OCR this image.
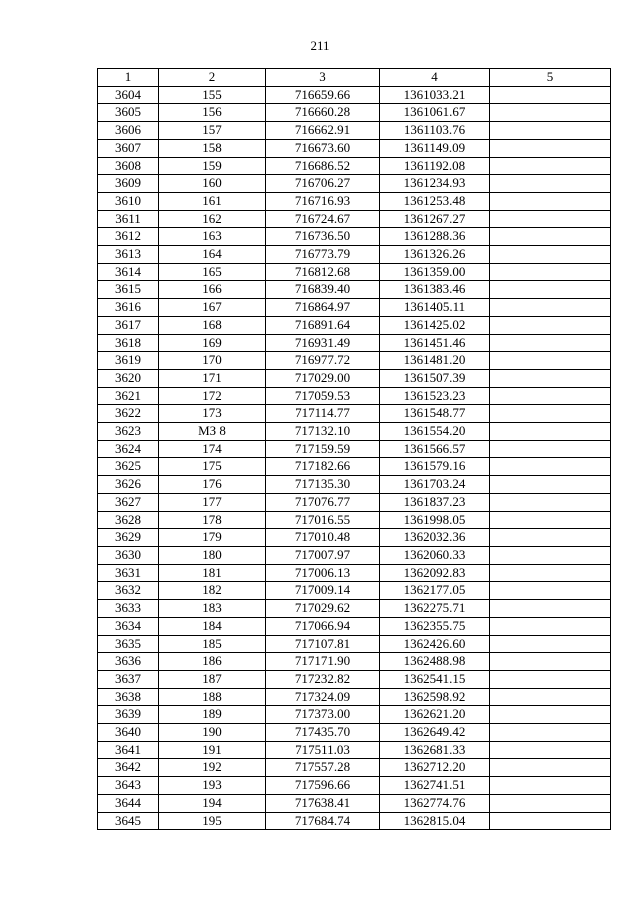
211
1	2	3	4	5
3604	155	716659.66	1361033.21	
3605	156	716660.28	1361061.67	
3606	157	716662.91	1361103.76	
3607	158	716673.60	1361149.09	
3608	159	716686.52	1361192.08	
3609	160	716706.27	1361234.93	
3610	161	716716.93	1361253.48	
3611	162	716724.67	1361267.27	
3612	163	716736.50	1361288.36	
3613	164	716773.79	1361326.26	
3614	165	716812.68	1361359.00	
3615	166	716839.40	1361383.46	
3616	167	716864.97	1361405.11	
3617	168	716891.64	1361425.02	
3618	169	716931.49	1361451.46	
3619	170	716977.72	1361481.20	
3620	171	717029.00	1361507.39	
3621	172	717059.53	1361523.23	
3622	173	717114.77	1361548.77	
3623	МЗ 8	717132.10	1361554.20	
3624	174	717159.59	1361566.57	
3625	175	717182.66	1361579.16	
3626	176	717135.30	1361703.24	
3627	177	717076.77	1361837.23	
3628	178	717016.55	1361998.05	
3629	179	717010.48	1362032.36	
3630	180	717007.97	1362060.33	
3631	181	717006.13	1362092.83	
3632	182	717009.14	1362177.05	
3633	183	717029.62	1362275.71	
3634	184	717066.94	1362355.75	
3635	185	717107.81	1362426.60	
3636	186	717171.90	1362488.98	
3637	187	717232.82	1362541.15	
3638	188	717324.09	1362598.92	
3639	189	717373.00	1362621.20	
3640	190	717435.70	1362649.42	
3641	191	717511.03	1362681.33	
3642	192	717557.28	1362712.20	
3643	193	717596.66	1362741.51	
3644	194	717638.41	1362774.76	
3645	195	717684.74	1362815.04	
